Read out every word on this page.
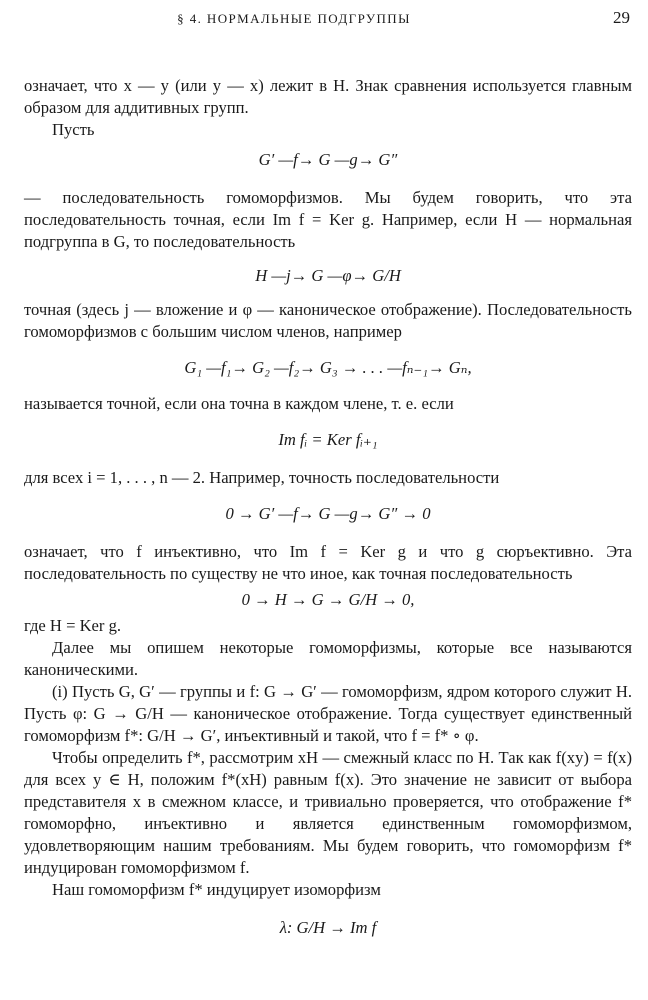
§ 4. НОРМАЛЬНЫЕ ПОДГРУППЫ	29

означает, что x — y (или y — x) лежит в H. Знак сравнения используется главным образом для аддитивных групп.

Пусть

G′ —f→ G —g→ G″

— последовательность гомоморфизмов. Мы будем говорить, что эта последовательность точная, если Im f = Ker g. Например, если H — нормальная подгруппа в G, то последовательность

H —j→ G —φ→ G/H

точная (здесь j — вложение и φ — каноническое отображение). Последовательность гомоморфизмов с большим числом членов, например

G₁ —f₁→ G₂ —f₂→ G₃ → . . . —fₙ₋₁→ Gₙ,

называется точной, если она точна в каждом члене, т. е. если

Im fᵢ = Ker fᵢ₊₁

для всех i = 1, . . . , n — 2. Например, точность последовательности

0 → G′ —f→ G —g→ G″ → 0

означает, что f инъективно, что Im f = Ker g и что g сюръективно. Эта последовательность по существу не что иное, как точная последовательность

0 → H → G → G/H → 0,

где H = Ker g.

Далее мы опишем некоторые гомоморфизмы, которые все называются каноническими.

(i) Пусть G, G′ — группы и f: G → G′ — гомоморфизм, ядром которого служит H. Пусть φ: G → G/H — каноническое отображение. Тогда существует единственный гомоморфизм f*: G/H → G′, инъективный и такой, что f = f* ∘ φ.

Чтобы определить f*, рассмотрим xH — смежный класс по H. Так как f(xy) = f(x) для всех y ∈ H, положим f*(xH) равным f(x). Это значение не зависит от выбора представителя x в смежном классе, и тривиально проверяется, что отображение f* гомоморфно, инъективно и является единственным гомоморфизмом, удовлетворяющим нашим требованиям. Мы будем говорить, что гомоморфизм f* индуцирован гомоморфизмом f.

Наш гомоморфизм f* индуцирует изоморфизм

λ: G/H → Im f
